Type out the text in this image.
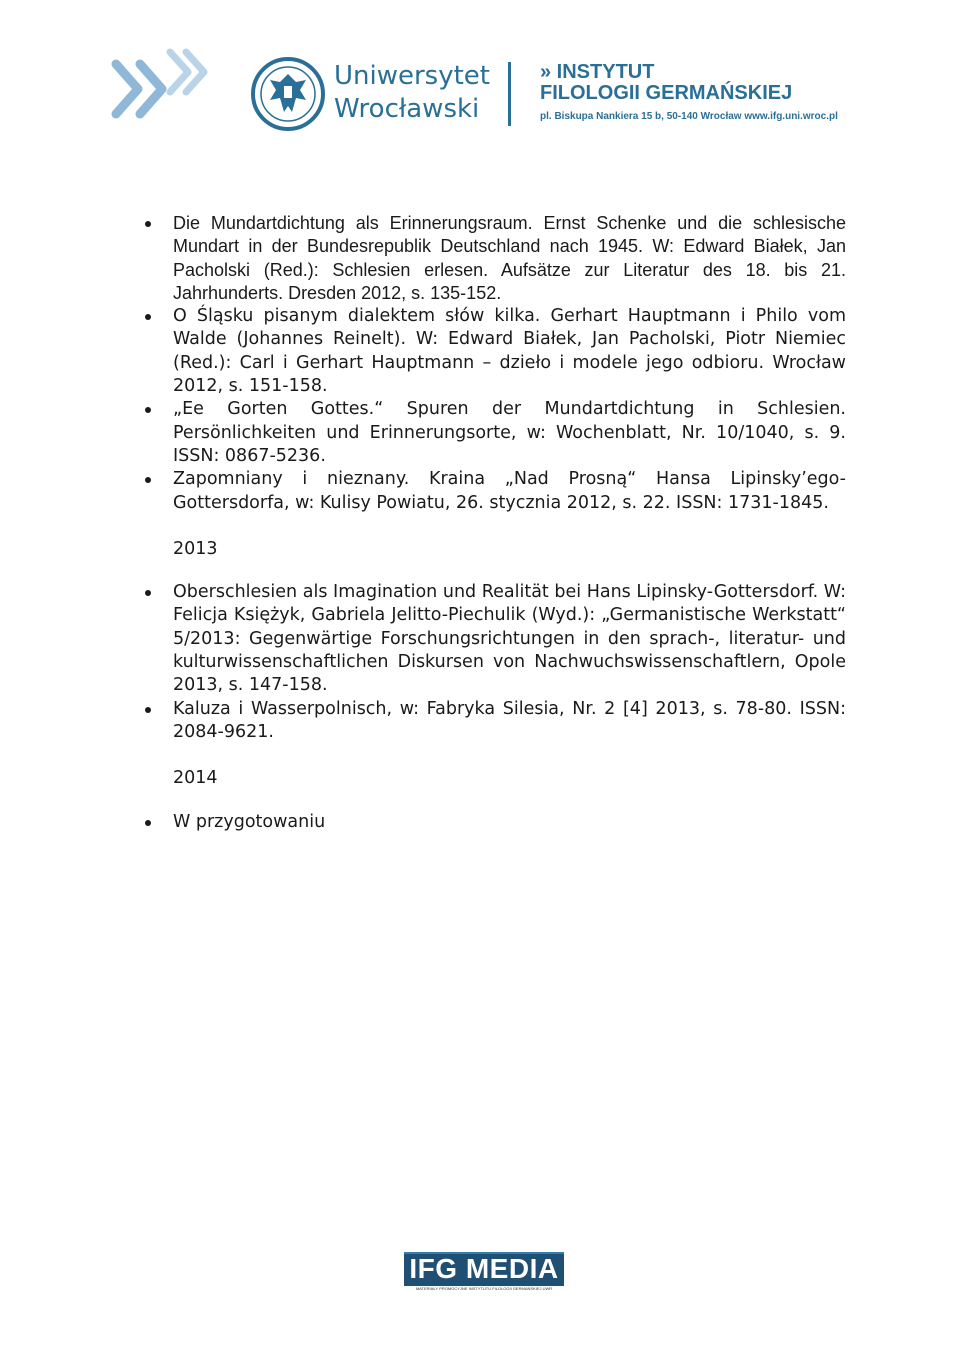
Uniwersytet
Wrocławski
» INSTYTUT
FILOLOGII GERMAŃSKIEJ
pl. Biskupa Nankiera 15 b, 50-140 Wrocław www.ifg.uni.wroc.pl
Die Mundartdichtung als Erinnerungsraum. Ernst Schenke und die schlesische Mundart in der Bundesrepublik Deutschland nach 1945. W: Edward Białek, Jan Pacholski (Red.): Schlesien erlesen. Aufsätze zur Literatur des 18. bis 21. Jahrhunderts. Dresden 2012, s. 135-152.
O Śląsku pisanym dialektem słów kilka. Gerhart Hauptmann i Philo vom Walde (Johannes Reinelt). W: Edward Białek, Jan Pacholski, Piotr Niemiec (Red.): Carl i Gerhart Hauptmann – dzieło i modele jego odbioru. Wrocław 2012, s. 151-158.
„Ee Gorten Gottes.“ Spuren der Mundartdichtung in Schlesien. Persönlichkeiten und Erinnerungsorte, w: Wochenblatt, Nr. 10/1040, s. 9. ISSN: 0867-5236.
Zapomniany i nieznany. Kraina „Nad Prosną“ Hansa Lipinsky’ego-Gottersdorfa, w: Kulisy Powiatu, 26. stycznia 2012, s. 22. ISSN: 1731-1845.
2013
Oberschlesien als Imagination und Realität bei Hans Lipinsky-Gottersdorf. W: Felicja Księżyk, Gabriela Jelitto-Piechulik (Wyd.): „Germanistische Werkstatt“ 5/2013: Gegenwärtige Forschungsrichtungen in den sprach-, literatur- und kulturwissenschaftlichen Diskursen von Nachwuchswissenschaftlern, Opole 2013, s. 147-158.
Kaluza i Wasserpolnisch, w: Fabryka Silesia, Nr. 2 [4] 2013, s. 78-80. ISSN: 2084-9621.
2014
W przygotowaniu
IFG MEDIA
MATERIAŁY PROMOCYJNE INSTYTUTU FILOLOGII GERMAŃSKIEJ UWR
